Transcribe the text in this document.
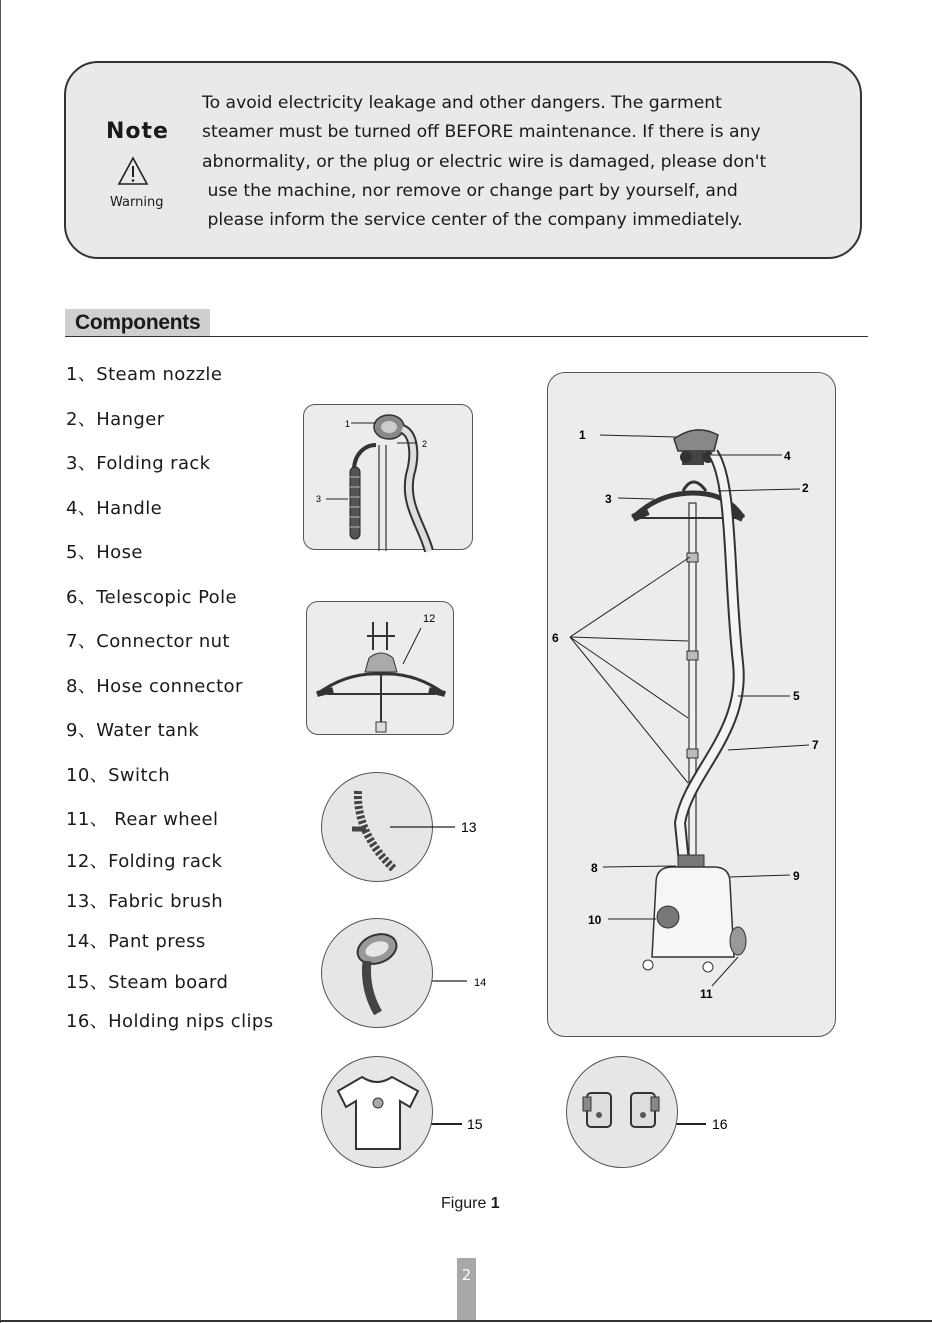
Note
Warning
To avoid electricity leakage and other dangers. The garment
steamer must be turned off BEFORE maintenance. If there is any
abnormality, or the plug or electric wire is damaged, please don't
use the machine, nor remove or change part by yourself, and
please inform the service center of the company immediately.
Components
1、Steam nozzle
2、Hanger
3、Folding rack
4、Handle
5、Hose
6、Telescopic Pole
7、Connector nut
8、Hose connector
9、Water tank
10、Switch
11、 Rear wheel
12、Folding rack
13、Fabric brush
14、Pant press
15、Steam board
16、Holding nips clips
1
2
3
12
13
14
15	16
1
4
2
3
6
5
7
8
9
10
11
Figure 1
2
